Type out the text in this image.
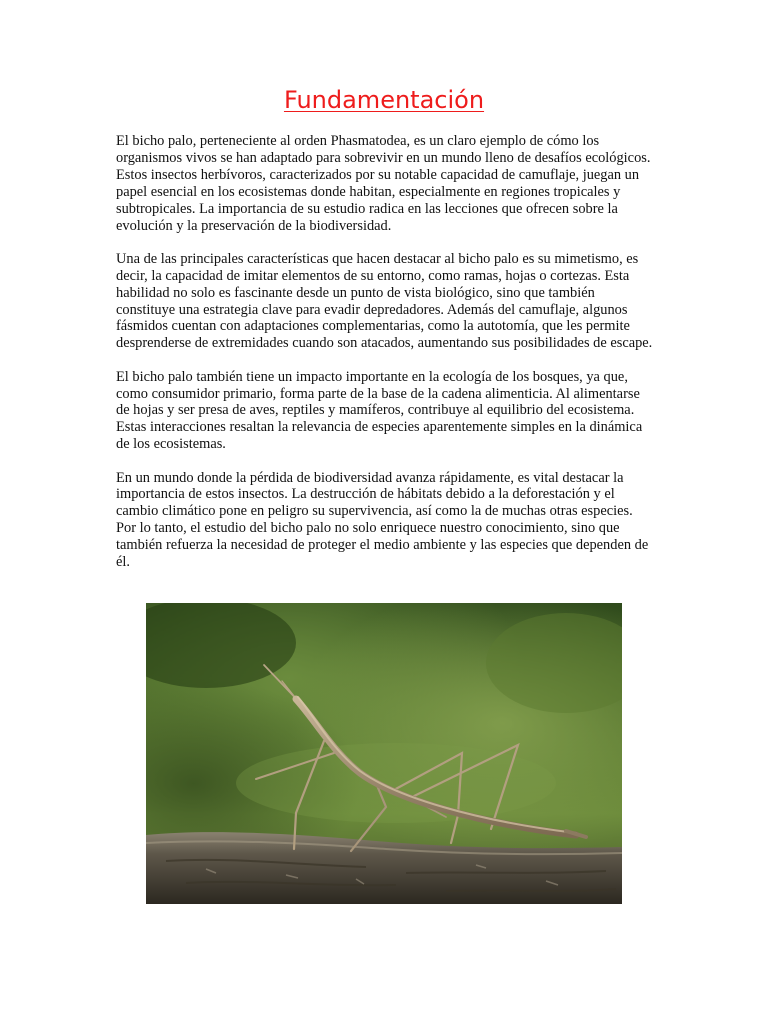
Fundamentación

El bicho palo, perteneciente al orden Phasmatodea, es un claro ejemplo de cómo los organismos vivos se han adaptado para sobrevivir en un mundo lleno de desafíos ecológicos. Estos insectos herbívoros, caracterizados por su notable capacidad de camuflaje, juegan un papel esencial en los ecosistemas donde habitan, especialmente en regiones tropicales y subtropicales. La importancia de su estudio radica en las lecciones que ofrecen sobre la evolución y la preservación de la biodiversidad.

Una de las principales características que hacen destacar al bicho palo es su mimetismo, es decir, la capacidad de imitar elementos de su entorno, como ramas, hojas o cortezas. Esta habilidad no solo es fascinante desde un punto de vista biológico, sino que también constituye una estrategia clave para evadir depredadores. Además del camuflaje, algunos fásmidos cuentan con adaptaciones complementarias, como la autotomía, que les permite desprenderse de extremidades cuando son atacados, aumentando sus posibilidades de escape.

El bicho palo también tiene un impacto importante en la ecología de los bosques, ya que, como consumidor primario, forma parte de la base de la cadena alimenticia. Al alimentarse de hojas y ser presa de aves, reptiles y mamíferos, contribuye al equilibrio del ecosistema. Estas interacciones resaltan la relevancia de especies aparentemente simples en la dinámica de los ecosistemas.

En un mundo donde la pérdida de biodiversidad avanza rápidamente, es vital destacar la importancia de estos insectos. La destrucción de hábitats debido a la deforestación y el cambio climático pone en peligro su supervivencia, así como la de muchas otras especies. Por lo tanto, el estudio del bicho palo no solo enriquece nuestro conocimiento, sino que también refuerza la necesidad de proteger el medio ambiente y las especies que dependen de él.
